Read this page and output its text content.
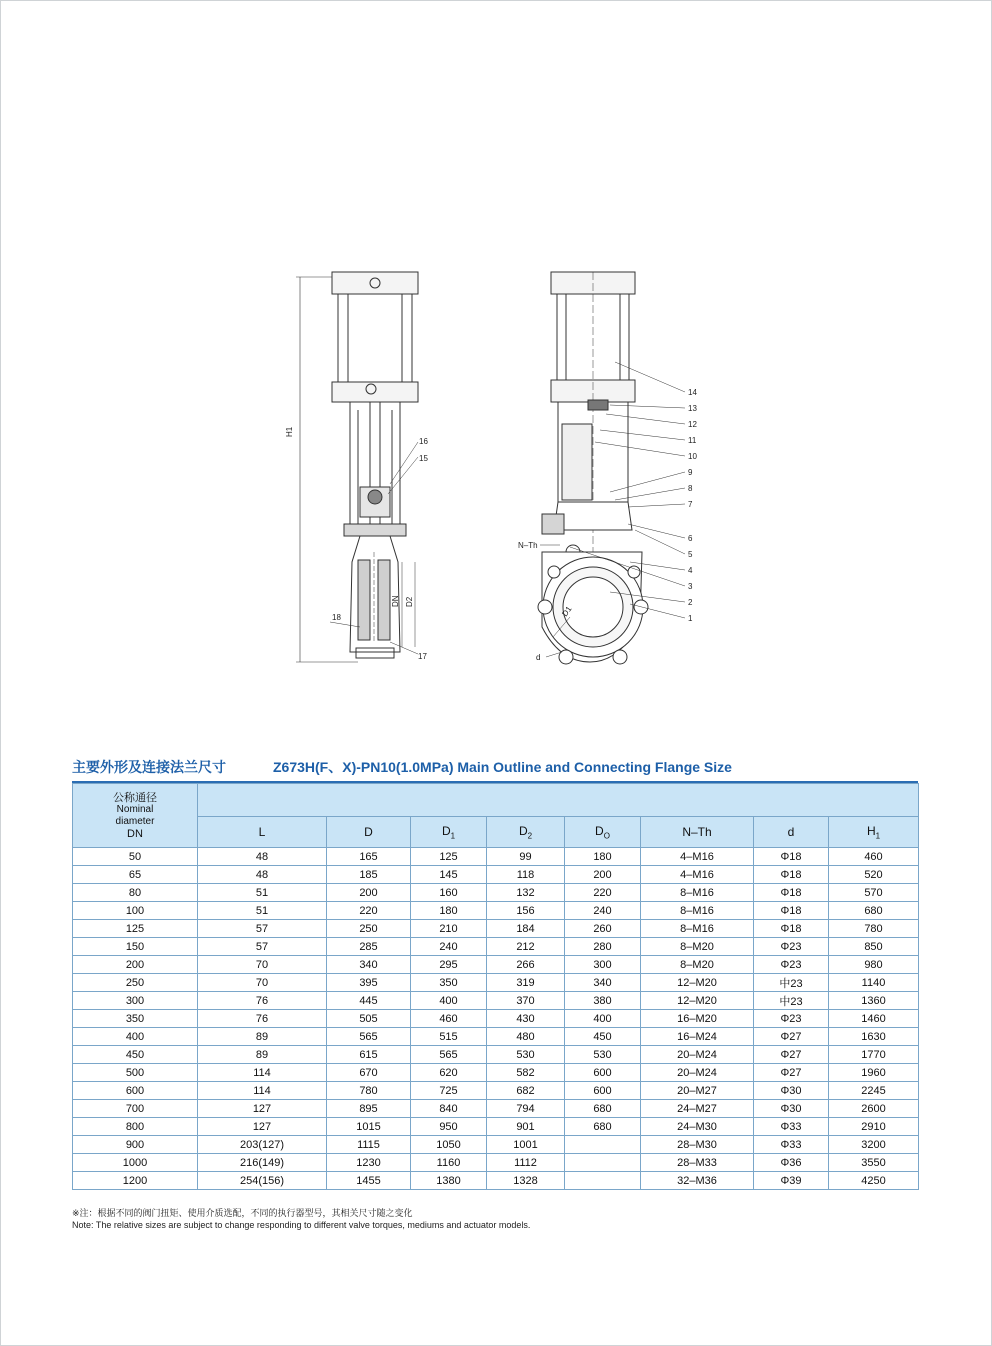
H1
16
15
DN D2
18
17
D1
d
N–Th
14
13
12
11
10
9
8
7
6
5
4
3
2
1
主要外形及连接法兰尺寸	Z673H(F、X)-PN10(1.0MPa) Main Outline and Connecting Flange Size
公称通径
Nominal
diameter
DN								

	L	D	$D_1$	$D_2$	$D_O$	N–Th	d	$H_1$
50	48	165	125	99	180	4–M16	Φ18	460
65	48	185	145	118	200	4–M16	Φ18	520
80	51	200	160	132	220	8–M16	Φ18	570
100	51	220	180	156	240	8–M16	Φ18	680
125	57	250	210	184	260	8–M16	Φ18	780
150	57	285	240	212	280	8–M20	Φ23	850
200	70	340	295	266	300	8–M20	Φ23	980
250	70	395	350	319	340	12–M20	中23	1140
300	76	445	400	370	380	12–M20	中23	1360
350	76	505	460	430	400	16–M20	Φ23	1460
400	89	565	515	480	450	16–M24	Φ27	1630
450	89	615	565	530	530	20–M24	Φ27	1770
500	114	670	620	582	600	20–M24	Φ27	1960
600	114	780	725	682	600	20–M27	Φ30	2245
700	127	895	840	794	680	24–M27	Φ30	2600
800	127	1015	950	901	680	24–M30	Φ33	2910
900	203(127)	1115	1050	1001		28–M30	Φ33	3200
1000	216(149)	1230	1160	1112		28–M33	Φ36	3550
1200	254(156)	1455	1380	1328		32–M36	Φ39	4250
※注：根据不同的阀门扭矩、使用介质选配，不同的执行器型号，其相关尺寸随之变化
Note: The relative sizes are subject to change responding to different valve torques, mediums and actuator models.
